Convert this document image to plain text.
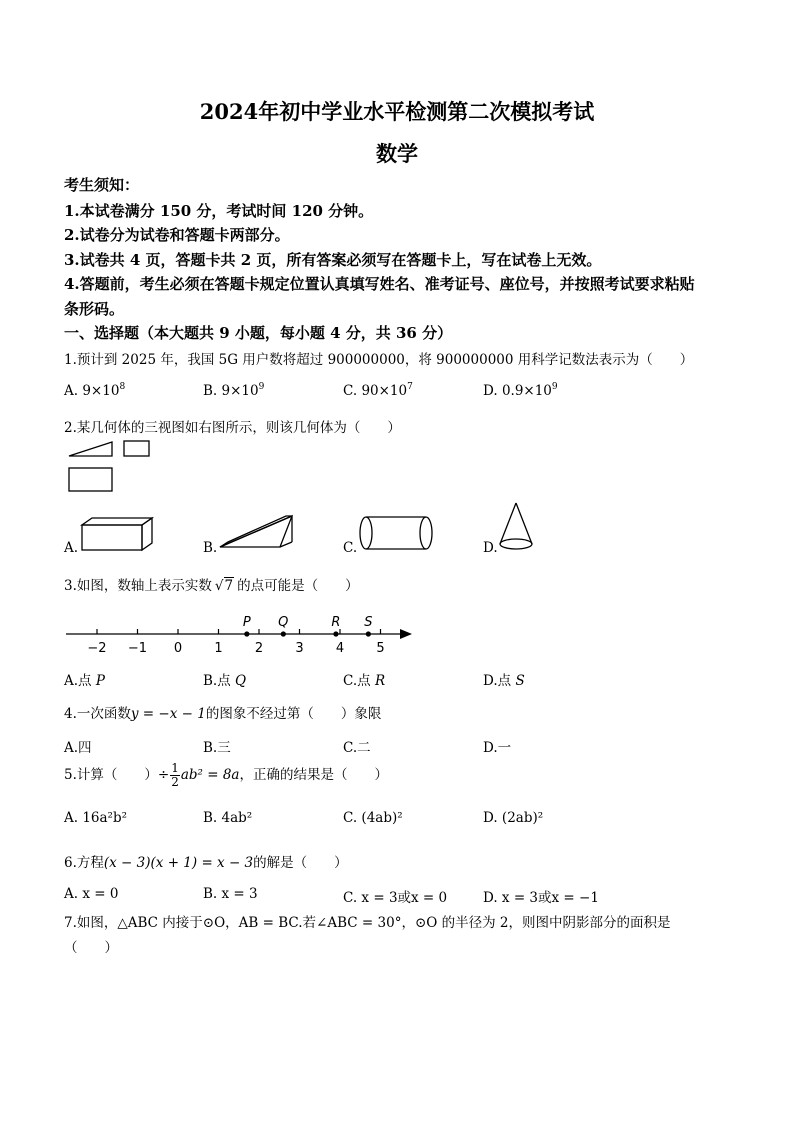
2024年初中学业水平检测第二次模拟考试
数学
考生须知：
1.本试卷满分 150 分，考试时间 120 分钟。
2.试卷分为试卷和答题卡两部分。
3.试卷共 4 页，答题卡共 2 页，所有答案必须写在答题卡上，写在试卷上无效。
4.答题前，考生必须在答题卡规定位置认真填写姓名、准考证号、座位号，并按照考试要求粘贴
条形码。
一、选择题（本大题共 9 小题，每小题 4 分，共 36 分）
1.预计到 2025 年，我国 5G 用户数将超过 900000000，将 900000000 用科学记数法表示为（　　）
A. $9\times 10^8$	B. $9\times 10^9$	C. $90\times 10^7$	D. $0.9\times 10^9$
2.某几何体的三视图如右图所示，则该几何体为（　　）
A.	B.	C.	D.
3.如图，数轴上表示实数 √7 的点可能是（　　）
−2 −1 0 1 2 3 4 5
P Q	R S
A.点 P	B.点 Q	C.点 R	D.点 S
4.一次函数y = −x − 1的图象不经过第（　　）象限
A.四	B.三	C.二	D.一
5.计算（　　）÷ $\frac{1}{2} ab^2 = 8a$，正确的结果是（　　）
A. 16a²b²	B. 4ab²	C. (4ab)²	D. (2ab)²
6.方程(x − 3)(x + 1) = x − 3的解是（　　）
A. x = 0	B. x = 3	C. x = 3或x = 0	D. x = 3或x = −1
7.如图，△ABC 内接于⊙O，AB = BC.若∠ABC = 30°，⊙O 的半径为 2，则图中阴影部分的面积是
（　　）
